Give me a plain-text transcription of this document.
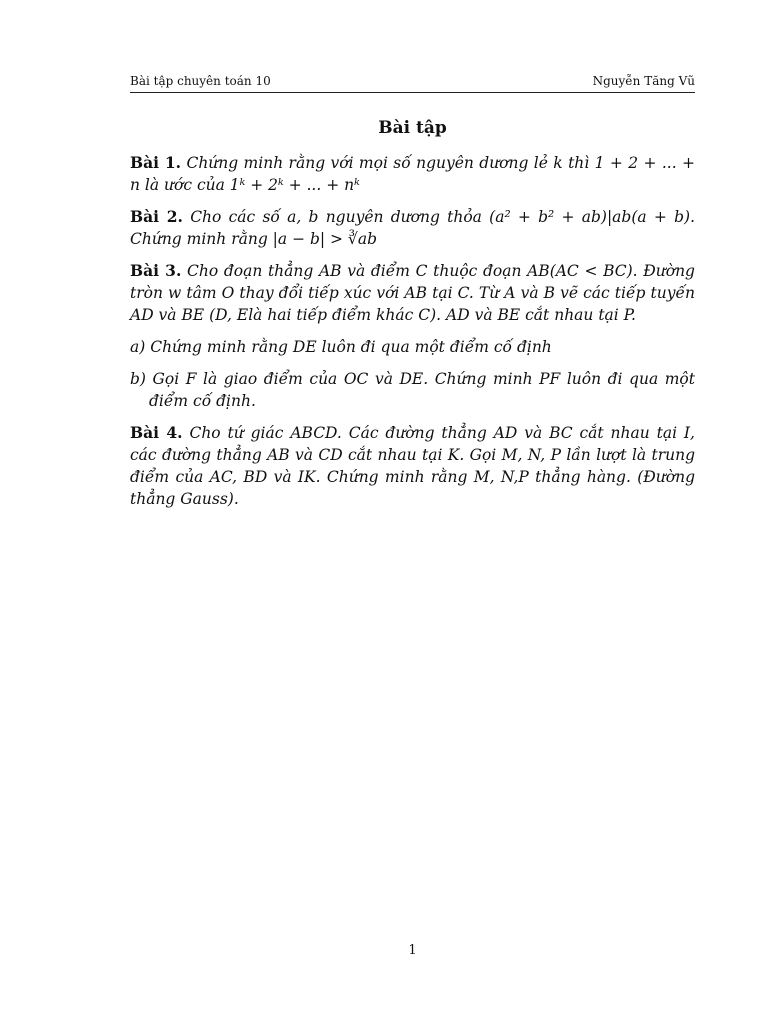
Bài tập chuyên toán 10	Nguyễn Tăng Vũ
Bài tập

Bài 1. Chứng minh rằng với mọi số nguyên dương lẻ k thì 1 + 2 + ... + n là ước của 1ᵏ + 2ᵏ + ... + nᵏ

Bài 2. Cho các số a, b nguyên dương thỏa (a² + b² + ab)|ab(a + b). Chứng minh rằng |a − b| > ∛ab

Bài 3. Cho đoạn thẳng AB và điểm C thuộc đoạn AB(AC < BC). Đường tròn w tâm O thay đổi tiếp xúc với AB tại C. Từ A và B vẽ các tiếp tuyến AD và BE (D, Elà hai tiếp điểm khác C). AD và BE cắt nhau tại P.

a) Chứng minh rằng DE luôn đi qua một điểm cố định

b) Gọi F là giao điểm của OC và DE. Chứng minh PF luôn đi qua một điểm cố định.

Bài 4. Cho tứ giác ABCD. Các đường thẳng AD và BC cắt nhau tại I, các đường thẳng AB và CD cắt nhau tại K. Gọi M, N, P lần lượt là trung điểm của AC, BD và IK. Chứng minh rằng M, N,P thẳng hàng. (Đường thẳng Gauss).

1
